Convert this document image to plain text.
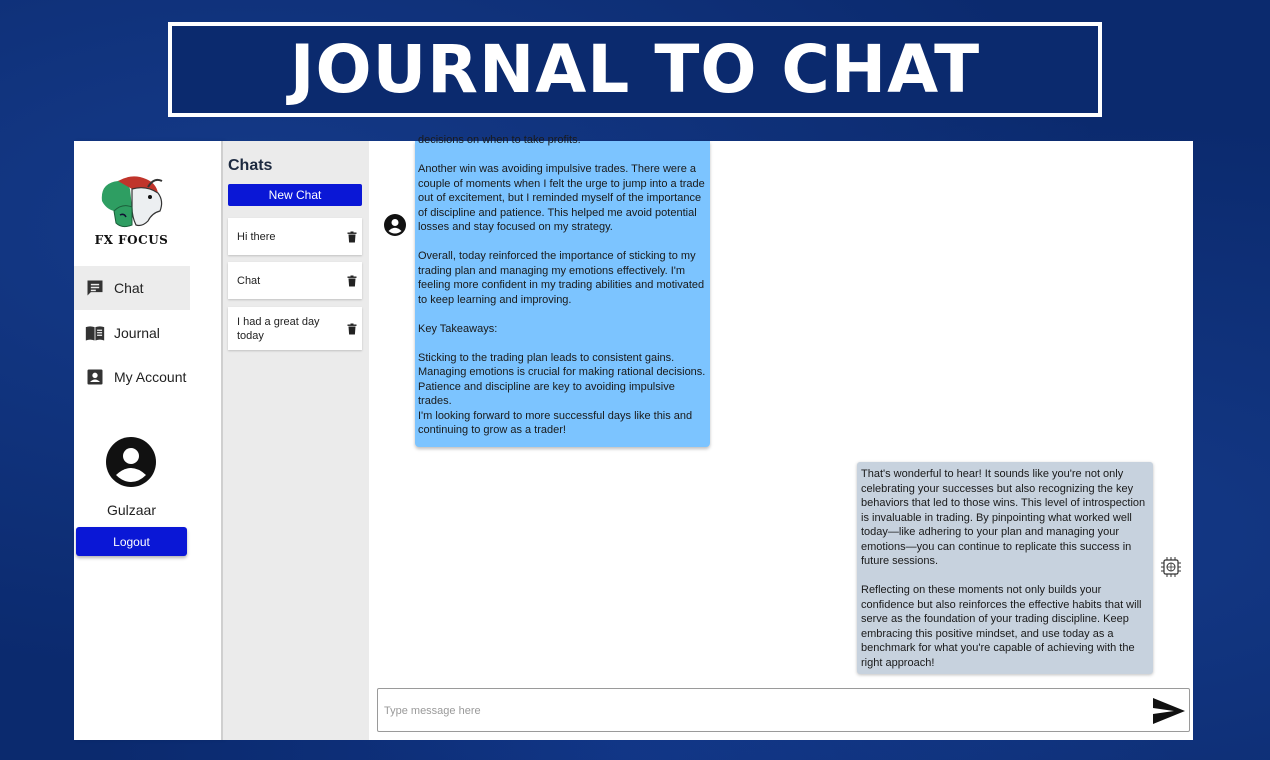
JOURNAL TO CHAT
FX FOCUS
Chat
Journal
My Account
Gulzaar
Logout
Chats
New Chat
Hi there
Chat
I had a great day today

decisions on when to take profits.

Another win was avoiding impulsive trades. There were a couple of moments when I felt the urge to jump into a trade out of excitement, but I reminded myself of the importance of discipline and patience. This helped me avoid potential losses and stay focused on my strategy.

Overall, today reinforced the importance of sticking to my trading plan and managing my emotions effectively. I'm feeling more confident in my trading abilities and motivated to keep learning and improving.

Key Takeaways:

Sticking to the trading plan leads to consistent gains.
Managing emotions is crucial for making rational decisions.
Patience and discipline are key to avoiding impulsive trades.
I'm looking forward to more successful days like this and continuing to grow as a trader!

That's wonderful to hear! It sounds like you're not only celebrating your successes but also recognizing the key behaviors that led to those wins. This level of introspection is invaluable in trading. By pinpointing what worked well today—like adhering to your plan and managing your emotions—you can continue to replicate this success in future sessions.

Reflecting on these moments not only builds your confidence but also reinforces the effective habits that will serve as the foundation of your trading discipline. Keep embracing this positive mindset, and use today as a benchmark for what you're capable of achieving with the right approach!

Type message here
